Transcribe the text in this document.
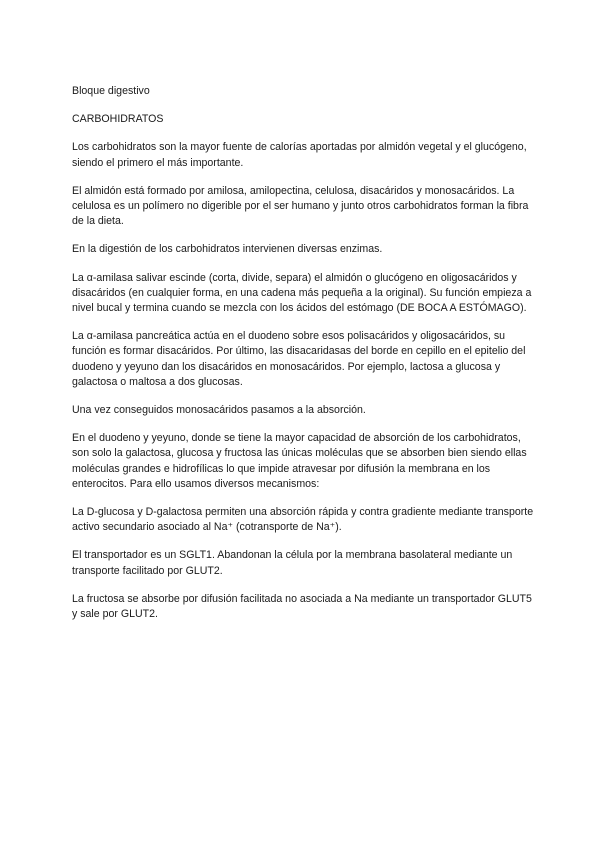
Bloque digestivo

CARBOHIDRATOS

Los carbohidratos son la mayor fuente de calorías aportadas por almidón vegetal y el glucógeno, siendo el primero el más importante.

El almidón está formado por amilosa, amilopectina, celulosa, disacáridos y monosacáridos. La celulosa es un polímero no digerible por el ser humano y junto otros carbohidratos forman la fibra de la dieta.

En la digestión de los carbohidratos intervienen diversas enzimas.

La α-amilasa salivar escinde (corta, divide, separa) el almidón o glucógeno en oligosacáridos y disacáridos (en cualquier forma, en una cadena más pequeña a la original). Su función empieza a nivel bucal y termina cuando se mezcla con los ácidos del estómago (DE BOCA A ESTÓMAGO).

La α-amilasa pancreática actúa en el duodeno sobre esos polisacáridos y oligosacáridos, su función es formar disacáridos. Por último, las disacaridasas del borde en cepillo en el epitelio del duodeno y yeyuno dan los disacáridos en monosacáridos. Por ejemplo, lactosa a glucosa y galactosa o maltosa a dos glucosas.

Una vez conseguidos monosacáridos pasamos a la absorción.

En el duodeno y yeyuno, donde se tiene la mayor capacidad de absorción de los carbohidratos, son solo la galactosa, glucosa y fructosa las únicas moléculas que se absorben bien siendo ellas moléculas grandes e hidrofílicas lo que impide atravesar por difusión la membrana en los enterocitos. Para ello usamos diversos mecanismos:

La D-glucosa y D-galactosa permiten una absorción rápida y contra gradiente mediante transporte activo secundario asociado al Na⁺ (cotransporte de Na⁺).

El transportador es un SGLT1. Abandonan la célula por la membrana basolateral mediante un transporte facilitado por GLUT2.

La fructosa se absorbe por difusión facilitada no asociada a Na mediante un transportador GLUT5 y sale por GLUT2.
